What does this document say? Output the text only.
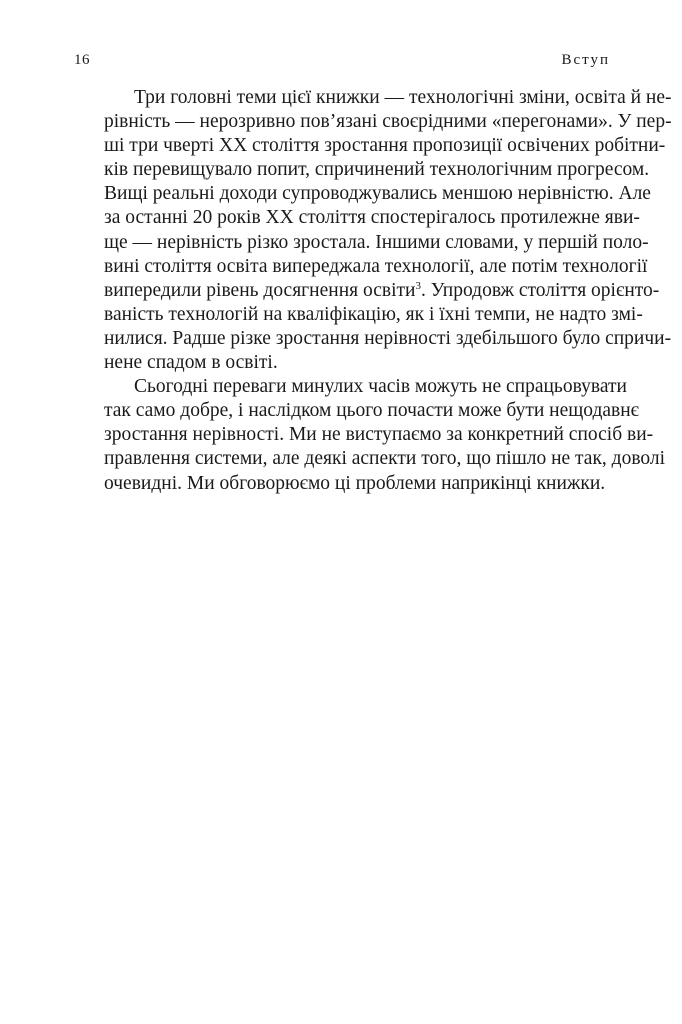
16	Вступ
Три головні теми цієї книжки — технологічні зміни, освіта й не-
рівність — нерозривно пов’язані своєрідними «перегонами». У пер-
ші три чверті XX століття зростання пропозиції освічених робітни-
ків перевищувало попит, спричинений технологічним прогресом.
Вищі реальні доходи супроводжувались меншою нерівністю. Але
за останні 20 років XX століття спостерігалось протилежне яви-
ще — нерівність різко зростала. Іншими словами, у першій поло-
вині століття освіта випереджала технології, але потім технології
випередили рівень досягнення освіти$^3$. Упродовж століття орієнто-
ваність технологій на кваліфікацію, як і їхні темпи, не надто змі-
нилися. Радше різке зростання нерівності здебільшого було спричи-
нене спадом в освіті.
Сьогодні переваги минулих часів можуть не спрацьовувати
так само добре, і наслідком цього почасти може бути нещодавнє
зростання нерівності. Ми не виступаємо за конкретний спосіб ви-
правлення системи, але деякі аспекти того, що пішло не так, доволі
очевидні. Ми обговорюємо ці проблеми наприкінці книжки.
